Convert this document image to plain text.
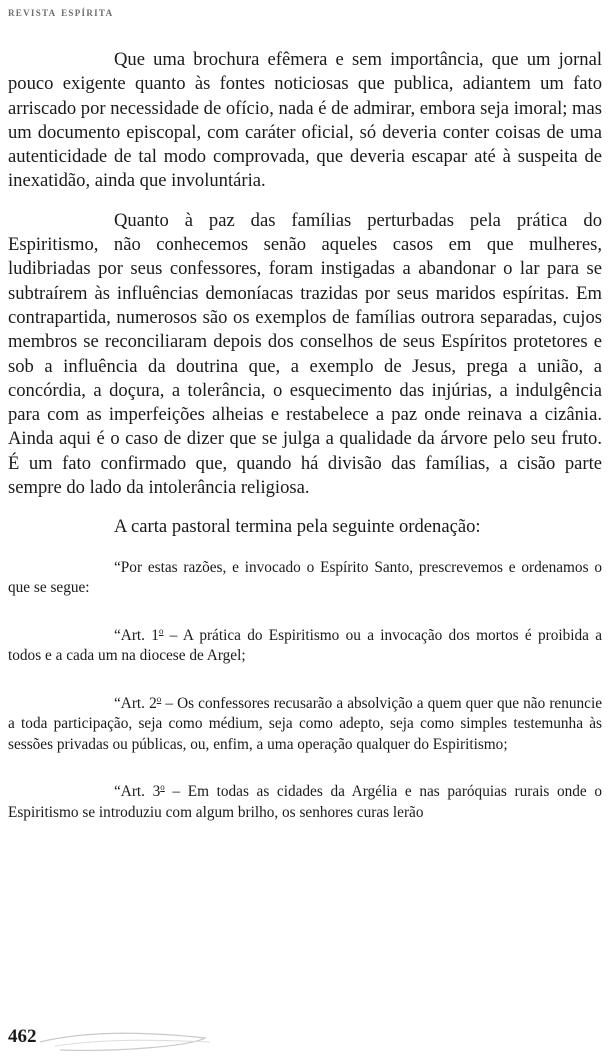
revista espírita

Que uma brochura efêmera e sem importância, que um jornal pouco exigente quanto às fontes noticiosas que publica, adiantem um fato arriscado por necessidade de ofício, nada é de admirar, embora seja imoral; mas um documento episcopal, com caráter oficial, só deveria conter coisas de uma autenticidade de tal modo comprovada, que deveria escapar até à suspeita de inexatidão, ainda que involuntária.

Quanto à paz das famílias perturbadas pela prática do Espiritismo, não conhecemos senão aqueles casos em que mulheres, ludibriadas por seus confessores, foram instigadas a abandonar o lar para se subtraírem às influências demoníacas trazidas por seus maridos espíritas. Em contrapartida, numerosos são os exemplos de famílias outrora separadas, cujos membros se reconciliaram depois dos conselhos de seus Espíritos protetores e sob a influência da doutrina que, a exemplo de Jesus, prega a união, a concórdia, a doçura, a tolerância, o esquecimento das injúrias, a indulgência para com as imperfeições alheias e restabelece a paz onde reinava a cizânia. Ainda aqui é o caso de dizer que se julga a qualidade da árvore pelo seu fruto. É um fato confirmado que, quando há divisão das famílias, a cisão parte sempre do lado da intolerância religiosa.

A carta pastoral termina pela seguinte ordenação:

“Por estas razões, e invocado o Espírito Santo, prescrevemos e ordenamos o que se segue:

“Art. 1$^o$ – A prática do Espiritismo ou a invocação dos mortos é proibida a todos e a cada um na diocese de Argel;

“Art. 2$^o$ – Os confessores recusarão a absolvição a quem quer que não renuncie a toda participação, seja como médium, seja como adepto, seja como simples testemunha às sessões privadas ou públicas, ou, enfim, a uma operação qualquer do Espiritismo;

“Art. 3$^o$ – Em todas as cidades da Argélia e nas paróquias rurais onde o Espiritismo se introduziu com algum brilho, os senhores curas lerão

462
